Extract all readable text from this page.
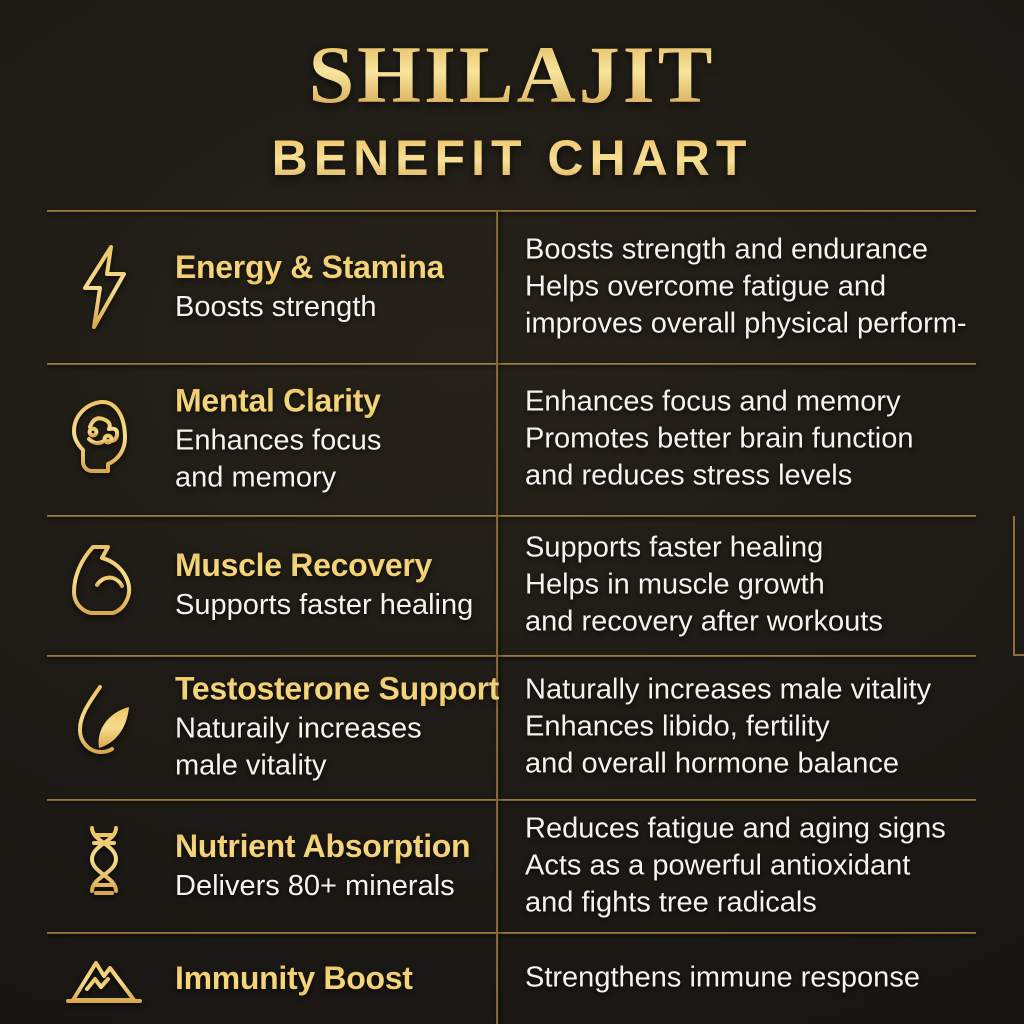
SHILAJIT
BENEFIT CHART
Energy & Stamina
Boosts strength
Boosts strength and endurance
Helps overcome fatigue and
improves overall physical perform-
Mental Clarity
Enhances focus
and memory
Enhances focus and memory
Promotes better brain function
and reduces stress levels
Muscle Recovery
Supports faster healing
Supports faster healing
Helps in muscle growth
and recovery after workouts
Testosterone Support
Naturaily increases
male vitality
Naturally increases male vitality
Enhances libido, fertility
and overall hormone balance
Nutrient Absorption
Delivers 80+ minerals
Reduces fatigue and aging signs
Acts as a powerful antioxidant
and fights tree radicals
Immunity Boost	Strengthens immune response
